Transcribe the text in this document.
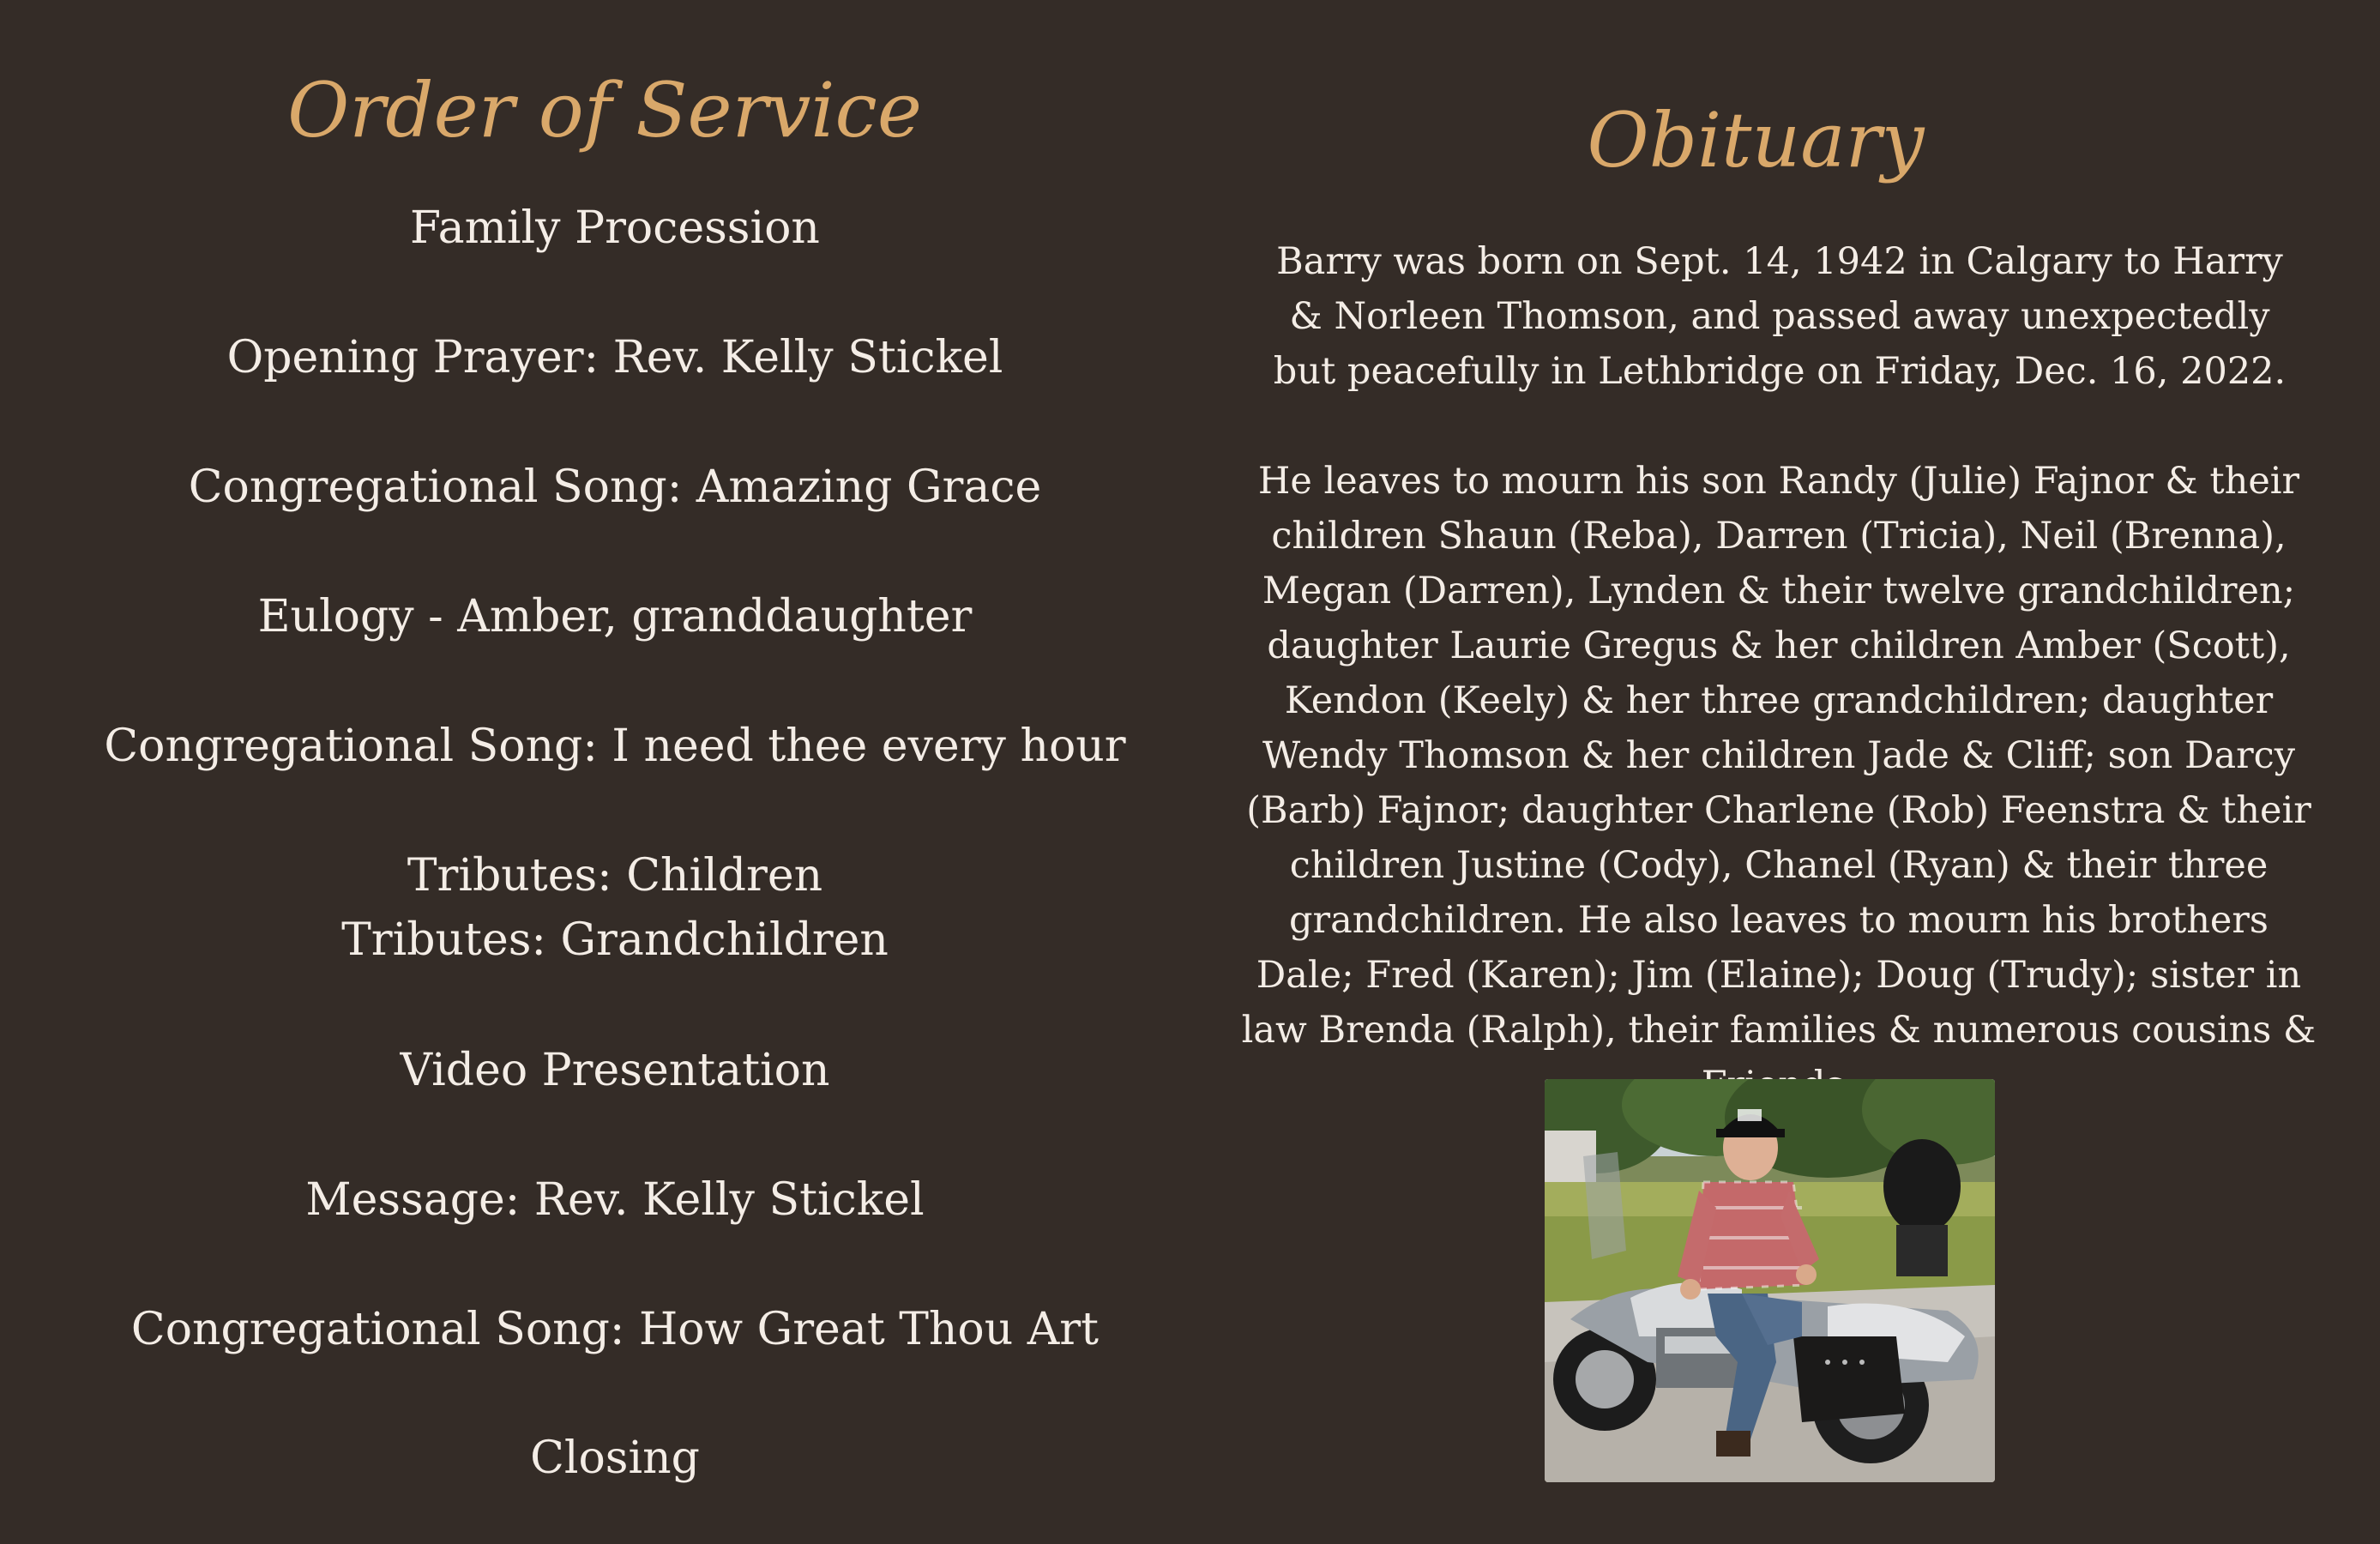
Order of Service
Family Procession
Opening Prayer: Rev. Kelly Stickel
Congregational Song: Amazing Grace
Eulogy - Amber, granddaughter
Congregational Song: I need thee every hour
Tributes: Children
Tributes: Grandchildren
Video Presentation
Message: Rev. Kelly Stickel
Congregational Song: How Great Thou Art
Closing
Obituary
Barry was born on Sept. 14, 1942 in Calgary to Harry & Norleen Thomson, and passed away unexpectedly but peacefully in Lethbridge on Friday, Dec. 16, 2022.
He leaves to mourn his son Randy (Julie) Fajnor & their children Shaun (Reba), Darren (Tricia), Neil (Brenna), Megan (Darren), Lynden & their twelve grandchildren; daughter Laurie Gregus & her children Amber (Scott), Kendon (Keely) & her three grandchildren; daughter Wendy Thomson & her children Jade & Cliff; son Darcy (Barb) Fajnor; daughter Charlene (Rob) Feenstra & their children Justine (Cody), Chanel (Ryan) & their three grandchildren. He also leaves to mourn his brothers Dale; Fred (Karen); Jim (Elaine); Doug (Trudy); sister in law Brenda (Ralph), their families & numerous cousins &
